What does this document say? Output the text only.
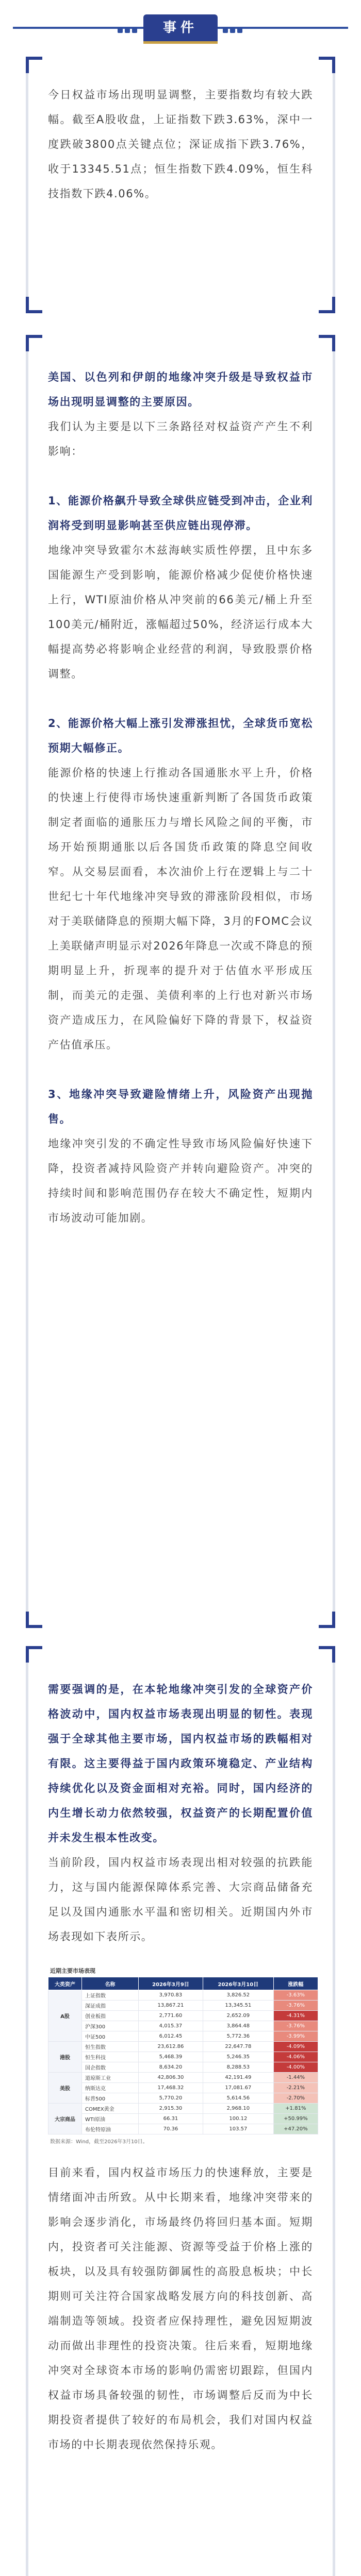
事件

今日权益市场出现明显调整，主要指数均有较大跌幅。截至A股收盘，上证指数下跌3.63%，深中一度跌破3800点关键点位；深证成指下跌3.76%，收于13345.51点；恒生指数下跌4.09%，恒生科技指数下跌4.06%。

美国、以色列和伊朗的地缘冲突升级是导致权益市场出现明显调整的主要原因。

我们认为主要是以下三条路径对权益资产产生不利影响：

1、能源价格飙升导致全球供应链受到冲击，企业利润将受到明显影响甚至供应链出现停滞。

地缘冲突导致霍尔木兹海峡实质性停摆，且中东多国能源生产受到影响，能源价格减少促使价格快速上行，WTI原油价格从冲突前的66美元/桶上升至100美元/桶附近，涨幅超过50%，经济运行成本大幅提高势必将影响企业经营的利润，导致股票价格调整。

2、能源价格大幅上涨引发滞涨担忧，全球货币宽松预期大幅修正。

能源价格的快速上行推动各国通胀水平上升，价格的快速上行使得市场快速重新判断了各国货币政策制定者面临的通胀压力与增长风险之间的平衡，市场开始预期通胀以后各国货币政策的降息空间收窄。从交易层面看，本次油价上行在逻辑上与二十世纪七十年代地缘冲突导致的滞涨阶段相似，市场对于美联储降息的预期大幅下降，3月的FOMC会议上美联储声明显示对2026年降息一次或不降息的预期明显上升，折现率的提升对于估值水平形成压制，而美元的走强、美债利率的上行也对新兴市场资产造成压力，在风险偏好下降的背景下，权益资产估值承压。

3、地缘冲突导致避险情绪上升，风险资产出现抛售。

地缘冲突引发的不确定性导致市场风险偏好快速下降，投资者减持风险资产并转向避险资产。冲突的持续时间和影响范围仍存在较大不确定性，短期内市场波动可能加剧。

需要强调的是，在本轮地缘冲突引发的全球资产价格波动中，国内权益市场表现出明显的韧性。表现强于全球其他主要市场，国内权益市场的跌幅相对有限。这主要得益于国内政策环境稳定、产业结构持续优化以及资金面相对充裕。同时，国内经济的内生增长动力依然较强，权益资产的长期配置价值并未发生根本性改变。

当前阶段，国内权益市场表现出相对较强的抗跌能力，这与国内能源保障体系完善、大宗商品储备充足以及国内通胀水平温和密切相关。近期国内外市场表现如下表所示。

近期主要市场表现
大类资产	名称	2026年3月9日	2026年3月10日	涨跌幅
A股	上证指数	3,970.83	3,826.52	-3.63%
	深证成指	13,867.21	13,345.51	-3.76%
	创业板指	2,771.60	2,652.09	-4.31%
	沪深300	4,015.37	3,864.48	-3.76%
	中证500	6,012.45	5,772.36	-3.99%
港股	恒生指数	23,612.86	22,647.78	-4.09%
	恒生科技	5,468.39	5,246.35	-4.06%
	国企指数	8,634.20	8,288.53	-4.00%
美股	道琼斯工业	42,806.30	42,191.49	-1.44%
	纳斯达克	17,468.32	17,081.67	-2.21%
	标普500	5,770.20	5,614.56	-2.70%
大宗商品	COMEX黄金	2,915.30	2,968.10	+1.81%
	WTI原油	66.31	100.12	+50.99%
	布伦特原油	70.36	103.57	+47.20%
数据来源：Wind，截至2026年3月10日。

目前来看，国内权益市场压力的快速释放，主要是情绪面冲击所致。从中长期来看，地缘冲突带来的影响会逐步消化，市场最终仍将回归基本面。短期内，投资者可关注能源、资源等受益于价格上涨的板块，以及具有较强防御属性的高股息板块；中长期则可关注符合国家战略发展方向的科技创新、高端制造等领域。投资者应保持理性，避免因短期波动而做出非理性的投资决策。往后来看，短期地缘冲突对全球资本市场的影响仍需密切跟踪，但国内权益市场具备较强的韧性，市场调整后反而为中长期投资者提供了较好的布局机会，我们对国内权益市场的中长期表现依然保持乐观。
